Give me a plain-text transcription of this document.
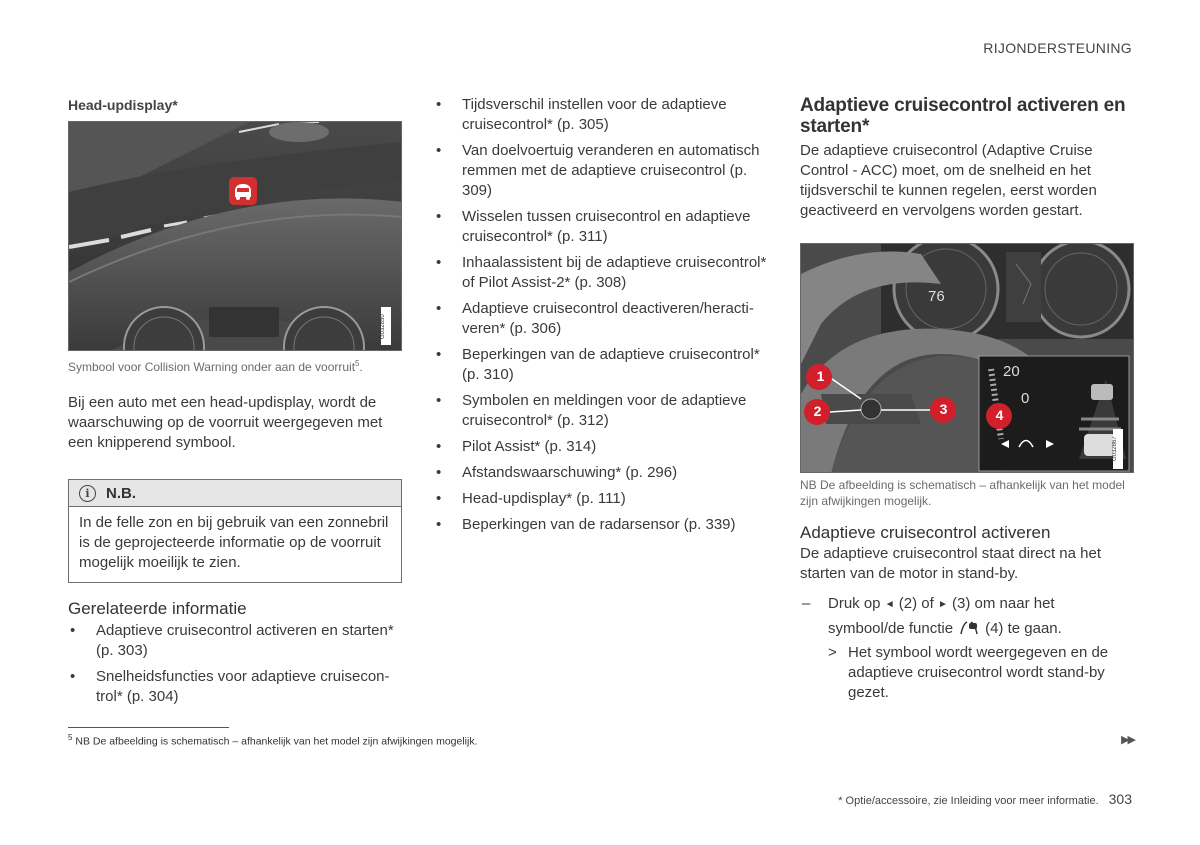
RIJONDERSTEUNING
Head-updisplay*
G032850
Symbool voor Collision Warning onder aan de voorruit$^5$.

Bij een auto met een head-updisplay, wordt de waarschuwing op de voorruit weergegeven met een knipperend symbool.

i	N.B.
In de felle zon en bij gebruik van een zonnebril is de geprojecteerde informatie op de voorruit mogelijk moeilijk te zien.
Gerelateerde informatie
• Adaptieve cruisecontrol activeren en starten* (p. 303)
• Snelheidsfuncties voor adaptieve cruisecontrol* (p. 304)
• Tijdsverschil instellen voor de adaptieve cruisecontrol* (p. 305)
• Van doelvoertuig veranderen en automatisch remmen met de adaptieve cruisecontrol (p. 309)
• Wisselen tussen cruisecontrol en adaptieve cruisecontrol* (p. 311)
• Inhaalassistent bij de adaptieve cruisecontrol* of Pilot Assist-2* (p. 308)
• Adaptieve cruisecontrol deactiveren/heractiveren* (p. 306)
• Beperkingen van de adaptieve cruisecontrol* (p. 310)
• Symbolen en meldingen voor de adaptieve cruisecontrol* (p. 312)
• Pilot Assist* (p. 314)
• Afstandswaarschuwing* (p. 296)
• Head-updisplay* (p. 111)
• Beperkingen van de radarsensor (p. 339)
Adaptieve cruisecontrol activeren en starten*

De adaptieve cruisecontrol (Adaptive Cruise Control - ACC) moet, om de snelheid en het tijdsverschil te kunnen regelen, eerst worden geactiveerd en vervolgens worden gestart.

76
20
0
1
2	3	4
G032867
NB De afbeelding is schematisch – afhankelijk van het model zijn afwijkingen mogelijk.
Adaptieve cruisecontrol activeren

De adaptieve cruisecontrol staat direct na het starten van de motor in stand-by.

– Druk op ◄ (2) of ► (3) om naar het symbool/de functie (4) te gaan.
> Het symbool wordt weergegeven en de adaptieve cruisecontrol wordt stand-by gezet.
$^5$ NB De afbeelding is schematisch – afhankelijk van het model zijn afwijkingen mogelijk.	▶▶
* Optie/accessoire, zie Inleiding voor meer informatie. 303
